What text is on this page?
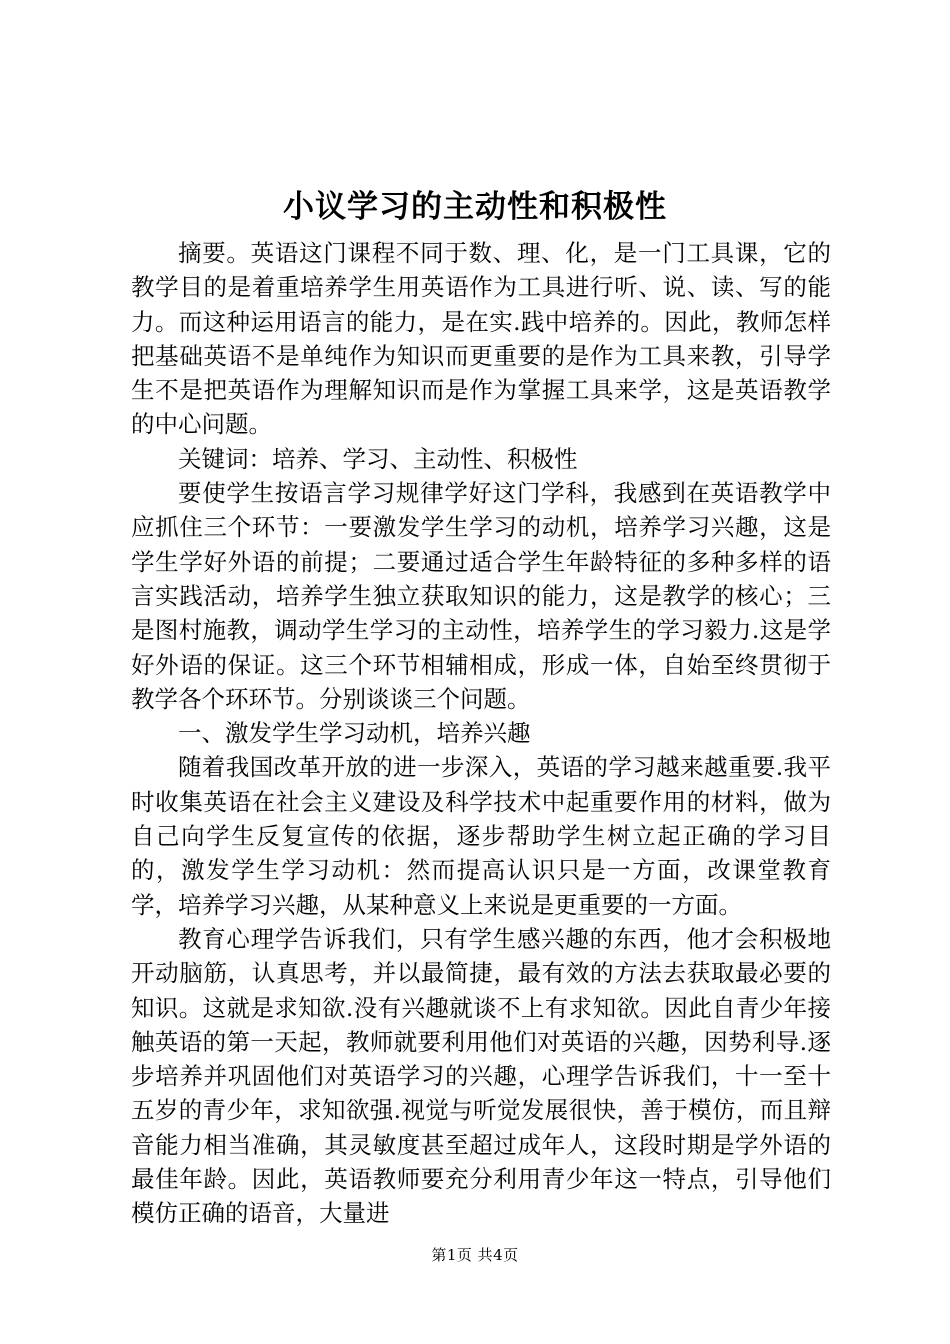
小议学习的主动性和积极性

摘要。英语这门课程不同于数、理、化，是一门工具课，它的教学目的是着重培养学生用英语作为工具进行听、说、读、写的能力。而这种运用语言的能力，是在实.践中培养的。因此，教师怎样把基础英语不是单纯作为知识而更重要的是作为工具来教，引导学生不是把英语作为理解知识而是作为掌握工具来学，这是英语教学的中心问题。

关键词：培养、学习、主动性、积极性

要使学生按语言学习规律学好这门学科，我感到在英语教学中应抓住三个环节：一要激发学生学习的动机，培养学习兴趣，这是学生学好外语的前提；二要通过适合学生年龄特征的多种多样的语言实践活动，培养学生独立获取知识的能力，这是教学的核心；三是图村施教，调动学生学习的主动性，培养学生的学习毅力.这是学好外语的保证。这三个环节相辅相成，形成一体，自始至终贯彻于教学各个环环节。分别谈谈三个问题。

一、激发学生学习动机，培养兴趣

随着我国改革开放的进一步深入，英语的学习越来越重要.我平时收集英语在社会主义建设及科学技术中起重要作用的材料，做为自己向学生反复宣传的依据，逐步帮助学生树立起正确的学习目的，激发学生学习动机：然而提高认识只是一方面，改课堂教育学，培养学习兴趣，从某种意义上来说是更重要的一方面。

教育心理学告诉我们，只有学生感兴趣的东西，他才会积极地开动脑筋，认真思考，并以最简捷，最有效的方法去获取最必要的知识。这就是求知欲.没有兴趣就谈不上有求知欲。因此自青少年接触英语的第一天起，教师就要利用他们对英语的兴趣，因势利导.逐步培养并巩固他们对英语学习的兴趣，心理学告诉我们，十一至十五岁的青少年，求知欲强.视觉与听觉发展很快，善于模仿，而且辩音能力相当准确，其灵敏度甚至超过成年人，这段时期是学外语的最佳年龄。因此，英语教师要充分利用青少年这一特点，引导他们模仿正确的语音，大量进

第1页 共4页
